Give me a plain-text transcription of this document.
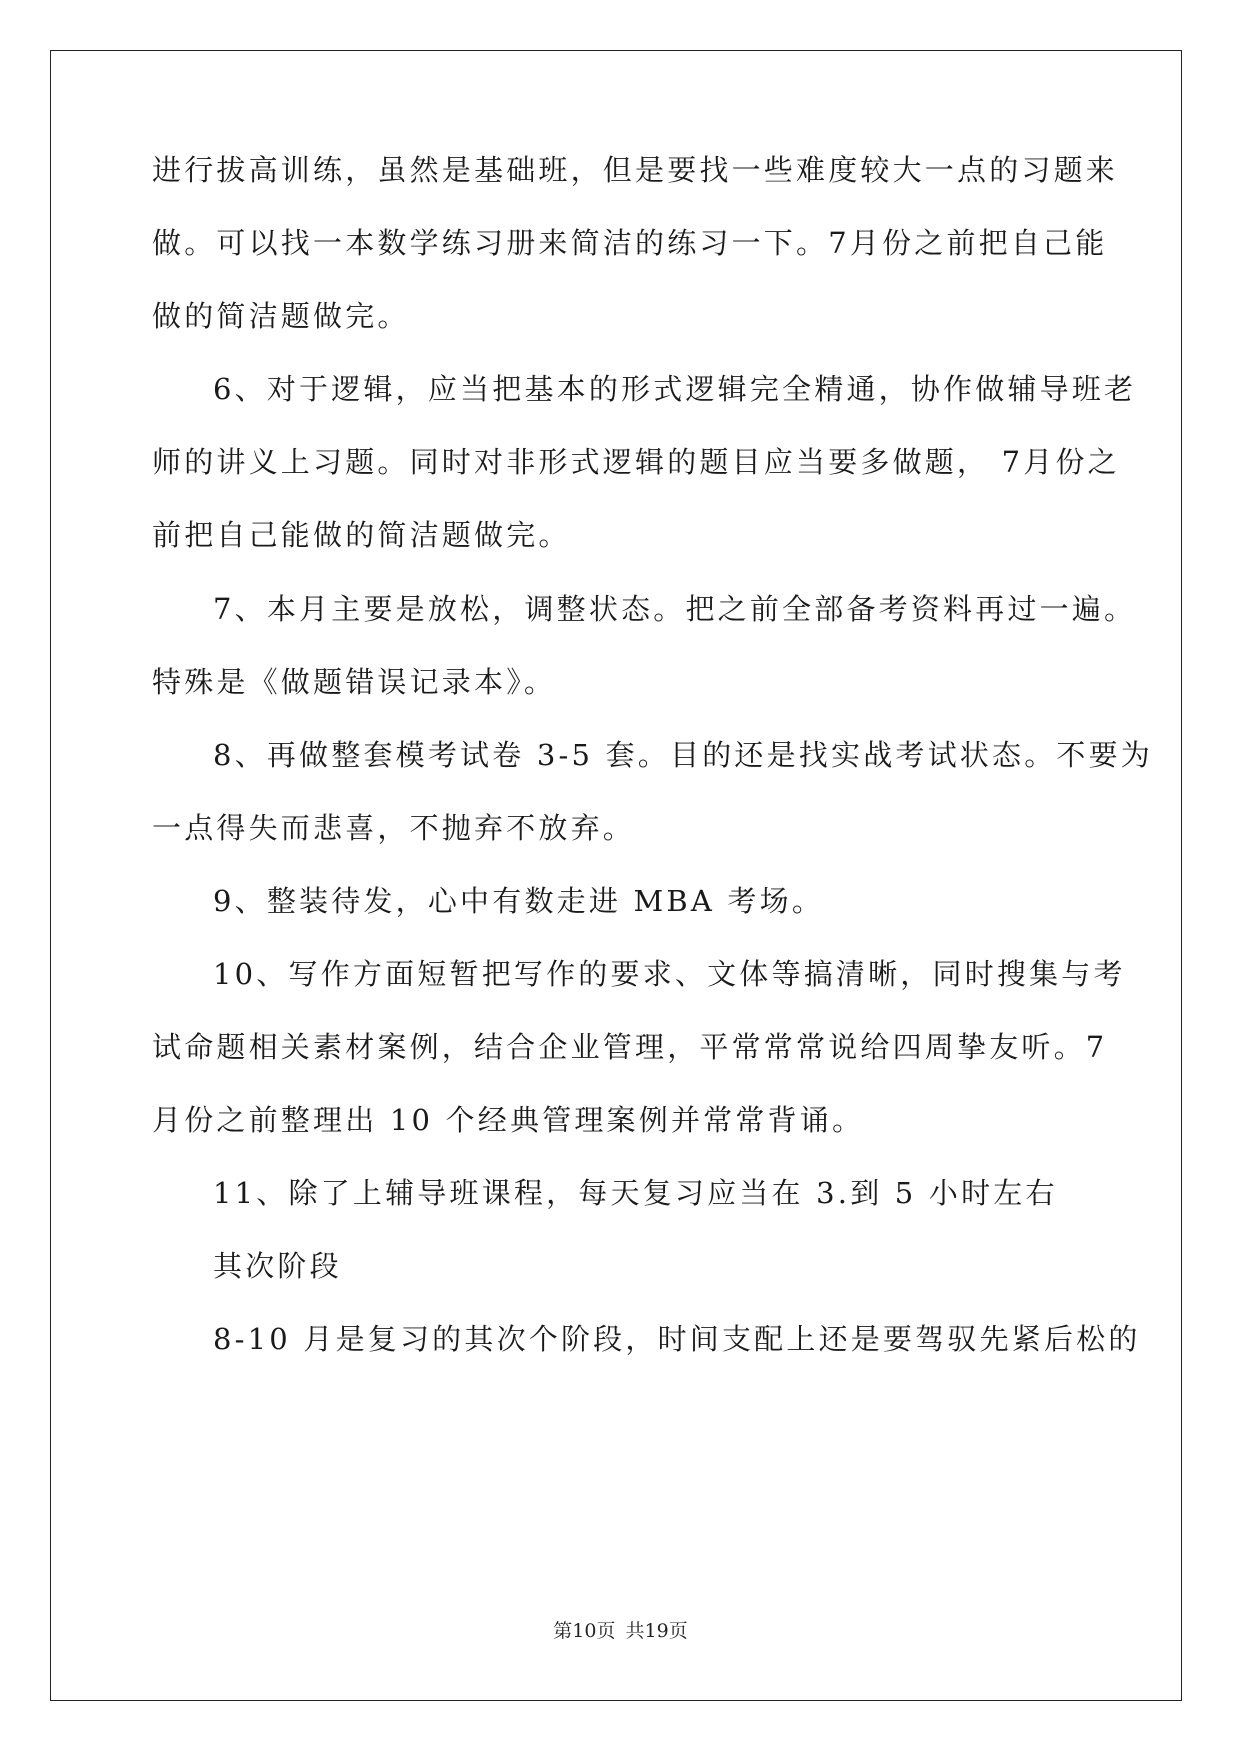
进行拔高训练，虽然是基础班，但是要找一些难度较大一点的习题来

做。可以找一本数学练习册来简洁的练习一下。7月份之前把自己能

做的简洁题做完。

6、对于逻辑，应当把基本的形式逻辑完全精通，协作做辅导班老

师的讲义上习题。同时对非形式逻辑的题目应当要多做题， 7月份之

前把自己能做的简洁题做完。

7、本月主要是放松，调整状态。把之前全部备考资料再过一遍。

特殊是《做题错误记录本》。

8、再做整套模考试卷 3-5 套。目的还是找实战考试状态。不要为

一点得失而悲喜，不抛弃不放弃。

9、整装待发，心中有数走进 MBA 考场。

10、写作方面短暂把写作的要求、文体等搞清晰，同时搜集与考

试命题相关素材案例，结合企业管理，平常常常说给四周挚友听。7

月份之前整理出 10 个经典管理案例并常常背诵。

11、除了上辅导班课程，每天复习应当在 3.到 5 小时左右

其次阶段

8-10 月是复习的其次个阶段，时间支配上还是要驾驭先紧后松的

第10页 共19页
